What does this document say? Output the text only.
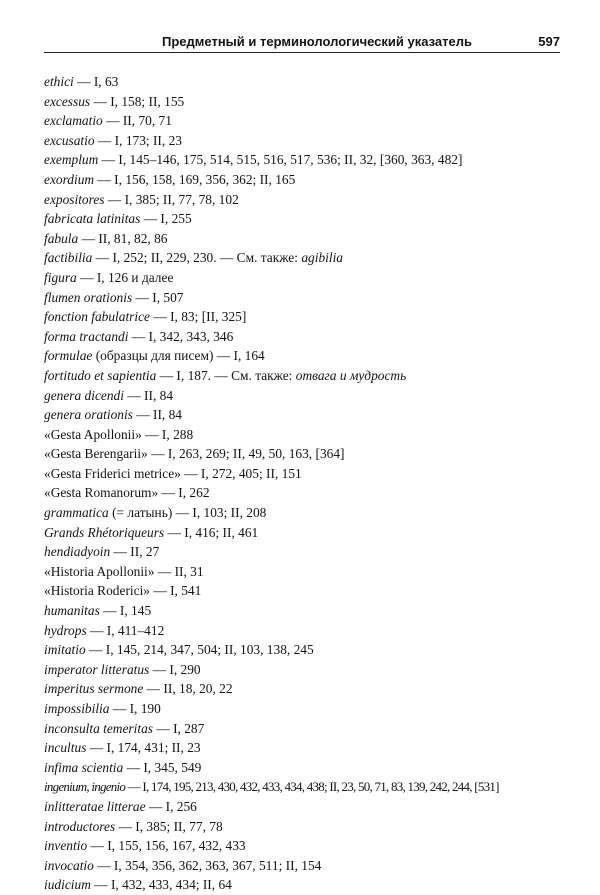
Предметный и терминолологический указатель	597
ethici — I, 63
excessus — I, 158; II, 155
exclamatio — II, 70, 71
excusatio — I, 173; II, 23
exemplum — I, 145–146, 175, 514, 515, 516, 517, 536; II, 32, [360, 363, 482]
exordium — I, 156, 158, 169, 356, 362; II, 165
expositores — I, 385; II, 77, 78, 102
fabricata latinitas — I, 255
fabula — II, 81, 82, 86
factibilia — I, 252; II, 229, 230. — См. также: agibilia
figura — I, 126 и далее
flumen orationis — I, 507
fonction fabulatrice — I, 83; [II, 325]
forma tractandi — I, 342, 343, 346
formulae (образцы для писем) — I, 164
fortitudo et sapientia — I, 187. — См. также: отвага и мудрость
genera dicendi — II, 84
genera orationis — II, 84
«Gesta Apollonii» — I, 288
«Gesta Berengarii» — I, 263, 269; II, 49, 50, 163, [364]
«Gesta Friderici metrice» — I, 272, 405; II, 151
«Gesta Romanorum» — I, 262
grammatica (= латынь) — I, 103; II, 208
Grands Rhétoriqueurs — I, 416; II, 461
hendiadyoin — II, 27
«Historia Apollonii» — II, 31
«Historia Roderici» — I, 541
humanitas — I, 145
hydrops — I, 411–412
imitatio — I, 145, 214, 347, 504; II, 103, 138, 245
imperator litteratus — I, 290
imperitus sermone — II, 18, 20, 22
impossibilia — I, 190
inconsulta temeritas — I, 287
incultus — I, 174, 431; II, 23
infima scientia — I, 345, 549
ingenium, ingenio — I, 174, 195, 213, 430, 432, 433, 434, 438; II, 23, 50, 71, 83, 139, 242, 244, [531]
inlitteratae litterae — I, 256
introductores — I, 385; II, 77, 78
inventio — I, 155, 156, 167, 432, 433
invocatio — I, 354, 356, 362, 363, 367, 511; II, 154
iudicium — I, 432, 433, 434; II, 64
